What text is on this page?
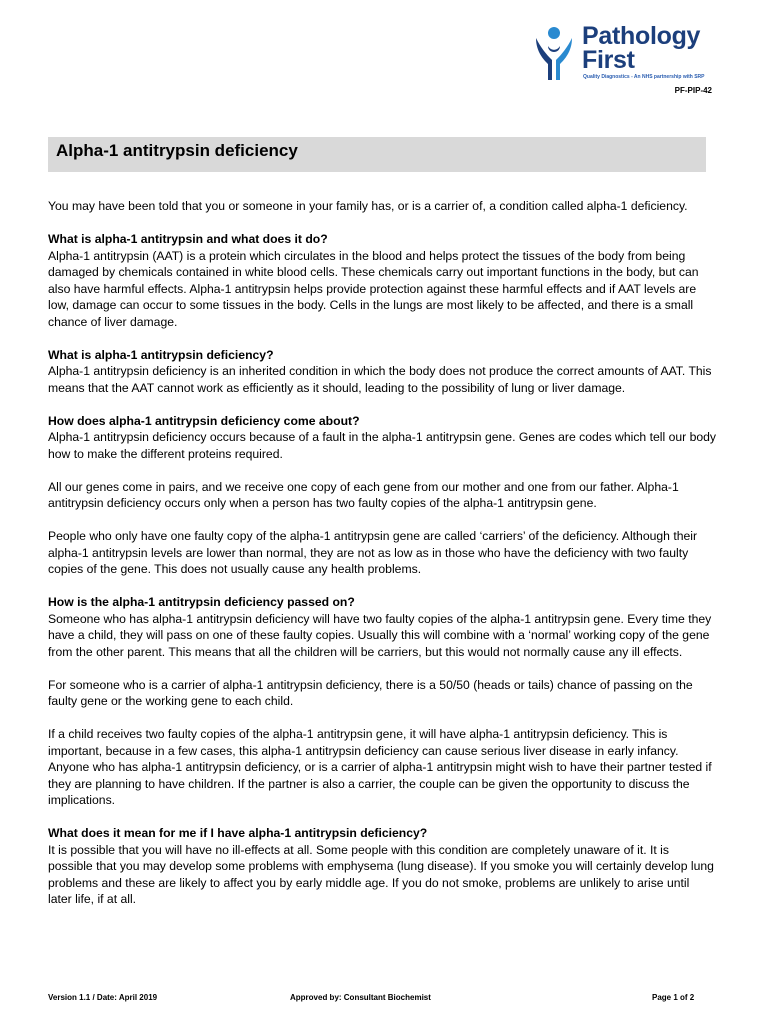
Pathology
First
Quality Diagnostics - An NHS partnership with SRP
PF-PIP-42
Alpha-1 antitrypsin deficiency

You may have been told that you or someone in your family has, or is a carrier of, a condition called alpha-1 deficiency.

What is alpha-1 antitrypsin and what does it do?

Alpha-1 antitrypsin (AAT) is a protein which circulates in the blood and helps protect the tissues of the body from being damaged by chemicals contained in white blood cells. These chemicals carry out important functions in the body, but can also have harmful effects. Alpha-1 antitrypsin helps provide protection against these harmful effects and if AAT levels are low, damage can occur to some tissues in the body. Cells in the lungs are most likely to be affected, and there is a small chance of liver damage.

What is alpha-1 antitrypsin deficiency?

Alpha-1 antitrypsin deficiency is an inherited condition in which the body does not produce the correct amounts of AAT. This means that the AAT cannot work as efficiently as it should, leading to the possibility of lung or liver damage.

How does alpha-1 antitrypsin deficiency come about?

Alpha-1 antitrypsin deficiency occurs because of a fault in the alpha-1 antitrypsin gene. Genes are codes which tell our body how to make the different proteins required.

All our genes come in pairs, and we receive one copy of each gene from our mother and one from our father. Alpha-1 antitrypsin deficiency occurs only when a person has two faulty copies of the alpha-1 antitrypsin gene.

People who only have one faulty copy of the alpha-1 antitrypsin gene are called ‘carriers’ of the deficiency. Although their alpha-1 antitrypsin levels are lower than normal, they are not as low as in those who have the deficiency with two faulty copies of the gene. This does not usually cause any health problems.

How is the alpha-1 antitrypsin deficiency passed on?

Someone who has alpha-1 antitrypsin deficiency will have two faulty copies of the alpha-1 antitrypsin gene. Every time they have a child, they will pass on one of these faulty copies. Usually this will combine with a ‘normal’ working copy of the gene from the other parent. This means that all the children will be carriers, but this would not normally cause any ill effects.

For someone who is a carrier of alpha-1 antitrypsin deficiency, there is a 50/50 (heads or tails) chance of passing on the faulty gene or the working gene to each child.

If a child receives two faulty copies of the alpha-1 antitrypsin gene, it will have alpha-1 antitrypsin deficiency. This is important, because in a few cases, this alpha-1 antitrypsin deficiency can cause serious liver disease in early infancy. Anyone who has alpha-1 antitrypsin deficiency, or is a carrier of alpha-1 antitrypsin might wish to have their partner tested if they are planning to have children. If the partner is also a carrier, the couple can be given the opportunity to discuss the implications.

What does it mean for me if I have alpha-1 antitrypsin deficiency?

It is possible that you will have no ill-effects at all. Some people with this condition are completely unaware of it. It is possible that you may develop some problems with emphysema (lung disease). If you smoke you will certainly develop lung problems and these are likely to affect you by early middle age. If you do not smoke, problems are unlikely to arise until later life, if at all.

Version 1.1 / Date: April 2019	Approved by: Consultant Biochemist	Page 1 of 2
